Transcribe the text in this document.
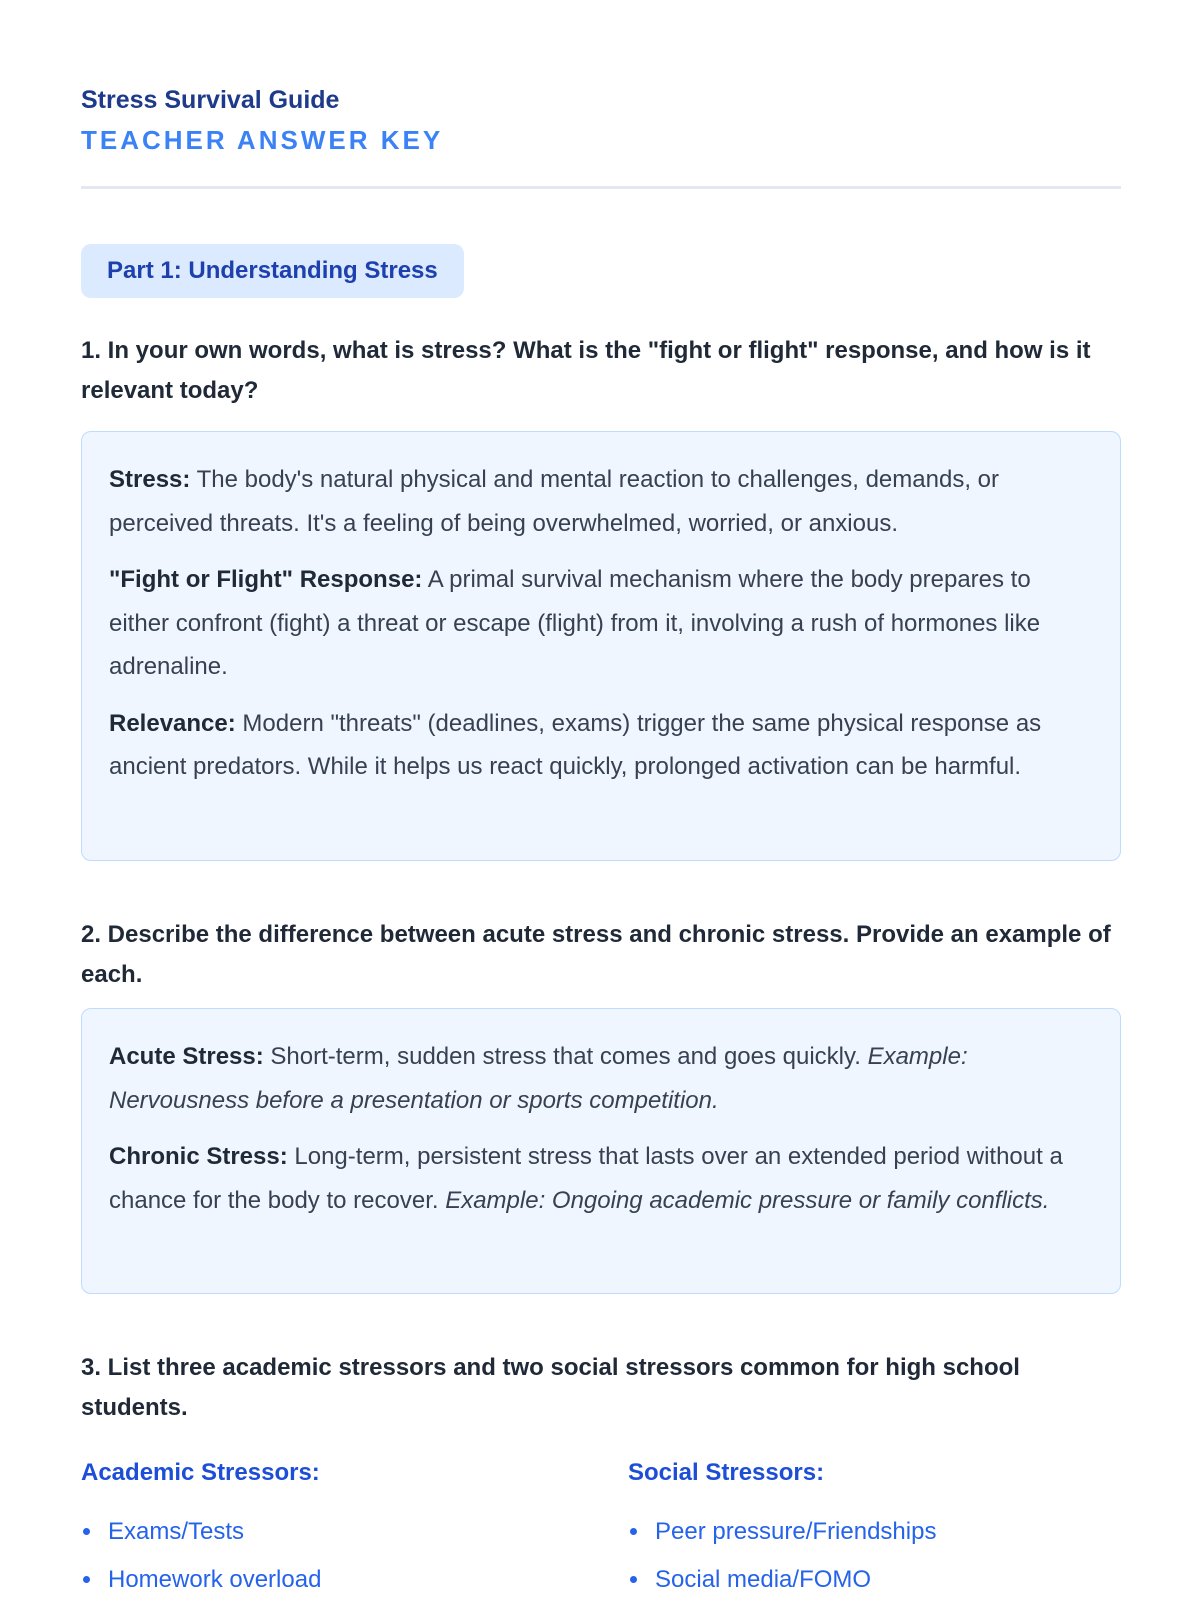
Stress Survival Guide
TEACHER ANSWER KEY
Part 1: Understanding Stress
1. In your own words, what is stress? What is the "fight or flight" response, and how is it relevant today?

Stress: The body's natural physical and mental reaction to challenges, demands, or perceived threats. It's a feeling of being overwhelmed, worried, or anxious.

"Fight or Flight" Response: A primal survival mechanism where the body prepares to either confront (fight) a threat or escape (flight) from it, involving a rush of hormones like adrenaline.

Relevance: Modern "threats" (deadlines, exams) trigger the same physical response as ancient predators. While it helps us react quickly, prolonged activation can be harmful.

2. Describe the difference between acute stress and chronic stress. Provide an example of each.

Acute Stress: Short-term, sudden stress that comes and goes quickly. Example: Nervousness before a presentation or sports competition.

Chronic Stress: Long-term, persistent stress that lasts over an extended period without a chance for the body to recover. Example: Ongoing academic pressure or family conflicts.

3. List three academic stressors and two social stressors common for high school students.
Academic Stressors:
Exams/Tests
Homework overload
Social Stressors:
Peer pressure/Friendships
Social media/FOMO
